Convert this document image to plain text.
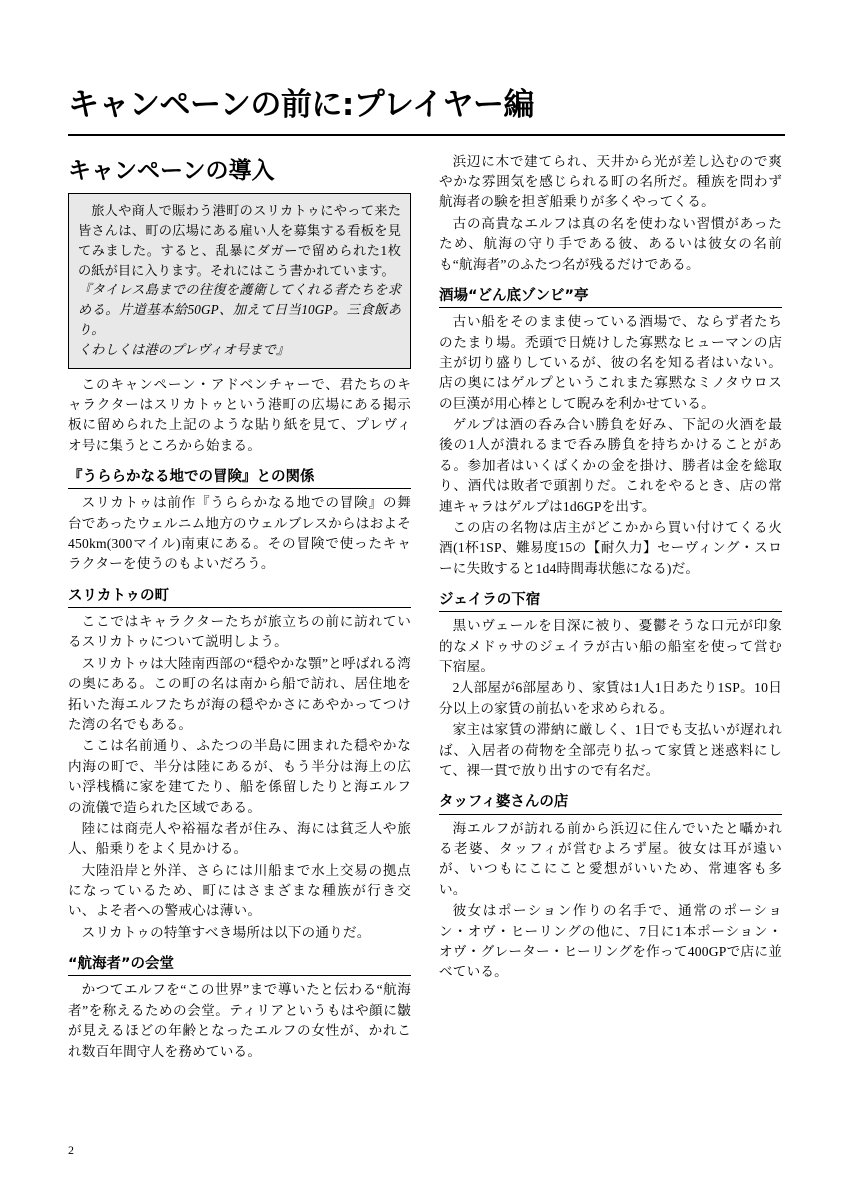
キャンペーンの前に:プレイヤー編
キャンペーンの導入

旅人や商人で賑わう港町のスリカトゥにやって来た皆さんは、町の広場にある雇い人を募集する看板を見てみました。すると、乱暴にダガーで留められた1枚の紙が目に入ります。それにはこう書かれています。

『タイレス島までの往復を護衛してくれる者たちを求める。片道基本給50GP、加えて日当10GP。三食飯あり。

くわしくは港のプレヴィオ号まで』

このキャンペーン・アドベンチャーで、君たちのキャラクターはスリカトゥという港町の広場にある掲示板に留められた上記のような貼り紙を見て、プレヴィオ号に集うところから始まる。

『うららかなる地での冒険』との関係

スリカトゥは前作『うららかなる地での冒険』の舞台であったウェルニム地方のウェルブレスからはおよそ450km(300マイル)南東にある。その冒険で使ったキャラクターを使うのもよいだろう。

スリカトゥの町

ここではキャラクターたちが旅立ちの前に訪れているスリカトゥについて説明しよう。

スリカトゥは大陸南西部の“穏やかな顎”と呼ばれる湾の奥にある。この町の名は南から船で訪れ、居住地を拓いた海エルフたちが海の穏やかさにあやかってつけた湾の名でもある。

ここは名前通り、ふたつの半島に囲まれた穏やかな内海の町で、半分は陸にあるが、もう半分は海上の広い浮桟橋に家を建てたり、船を係留したりと海エルフの流儀で造られた区域である。

陸には商売人や裕福な者が住み、海には貧乏人や旅人、船乗りをよく見かける。

大陸沿岸と外洋、さらには川船まで水上交易の拠点になっているため、町にはさまざまな種族が行き交い、よそ者への警戒心は薄い。

スリカトゥの特筆すべき場所は以下の通りだ。

“航海者”の会堂

かつてエルフを“この世界”まで導いたと伝わる“航海者”を称えるための会堂。ティリアというもはや顔に皺が見えるほどの年齢となったエルフの女性が、かれこれ数百年間守人を務めている。

浜辺に木で建てられ、天井から光が差し込むので爽やかな雰囲気を感じられる町の名所だ。種族を問わず航海者の験を担ぎ船乗りが多くやってくる。

古の高貴なエルフは真の名を使わない習慣があったため、航海の守り手である彼、あるいは彼女の名前も“航海者”のふたつ名が残るだけである。

酒場“どん底ゾンビ”亭

古い船をそのまま使っている酒場で、ならず者たちのたまり場。禿頭で日焼けした寡黙なヒューマンの店主が切り盛りしているが、彼の名を知る者はいない。店の奥にはゲルプというこれまた寡黙なミノタウロスの巨漢が用心棒として睨みを利かせている。

ゲルプは酒の呑み合い勝負を好み、下記の火酒を最後の1人が潰れるまで呑み勝負を持ちかけることがある。参加者はいくばくかの金を掛け、勝者は金を総取り、酒代は敗者で頭割りだ。これをやるとき、店の常連キャラはゲルプは1d6GPを出す。

この店の名物は店主がどこかから買い付けてくる火酒(1杯1SP、難易度15の【耐久力】セーヴィング・スローに失敗すると1d4時間毒状態になる)だ。

ジェイラの下宿

黒いヴェールを目深に被り、憂鬱そうな口元が印象的なメドゥサのジェイラが古い船の船室を使って営む下宿屋。

2人部屋が6部屋あり、家賃は1人1日あたり1SP。10日分以上の家賃の前払いを求められる。

家主は家賃の滞納に厳しく、1日でも支払いが遅れれば、入居者の荷物を全部売り払って家賃と迷惑料にして、裸一貫で放り出すので有名だ。

タッフィ婆さんの店

海エルフが訪れる前から浜辺に住んでいたと囁かれる老婆、タッフィが営むよろず屋。彼女は耳が遠いが、いつもにこにこと愛想がいいため、常連客も多い。

彼女はポーション作りの名手で、通常のポーション・オヴ・ヒーリングの他に、7日に1本ポーション・オヴ・グレーター・ヒーリングを作って400GPで店に並べている。

2
